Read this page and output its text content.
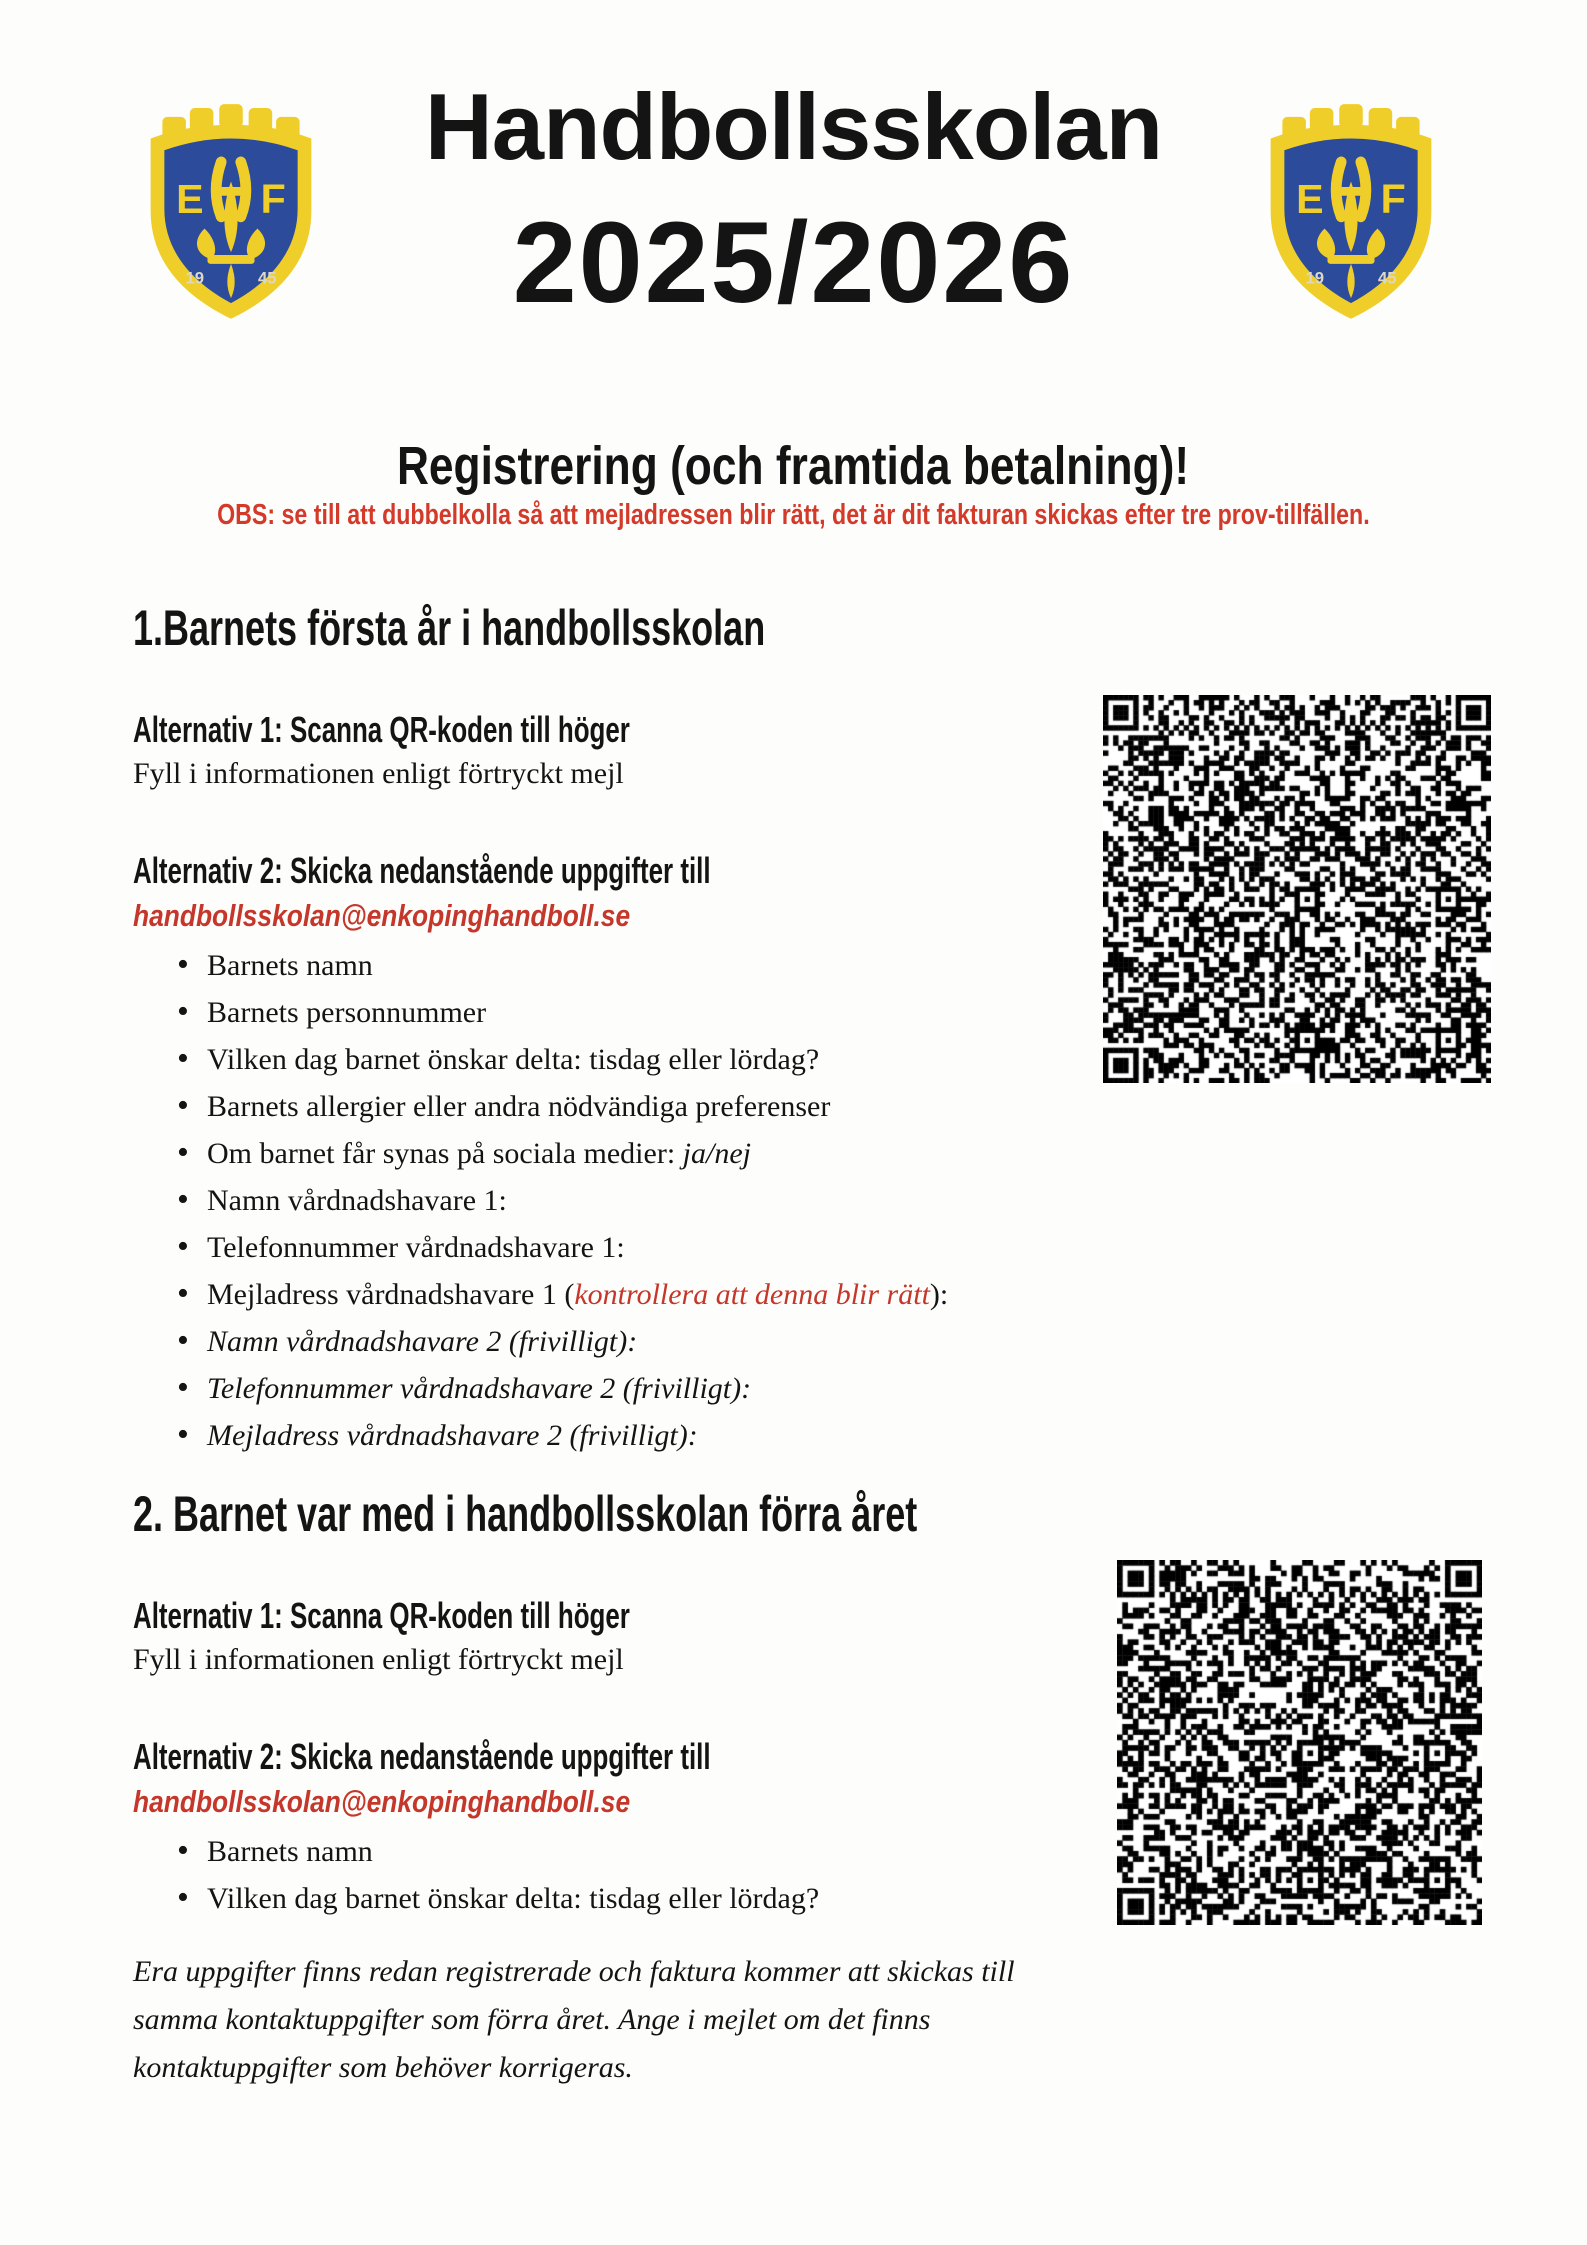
E F
19	45
E F
19	45
Handbollsskolan
2025/2026
Registrering (och framtida betalning)!
OBS: se till att dubbelkolla så att mejladressen blir rätt, det är dit fakturan skickas efter tre prov-tillfällen.
1.Barnets första år i handbollsskolan
Alternativ 1: Scanna QR-koden till höger

Fyll i informationen enligt förtryckt mejl

Alternativ 2: Skicka nedanstående uppgifter till
handbollsskolan@enkopinghandboll.se
• Barnets namn
• Barnets personnummer
• Vilken dag barnet önskar delta: tisdag eller lördag?
• Barnets allergier eller andra nödvändiga preferenser
• Om barnet får synas på sociala medier: ja/nej
• Namn vårdnadshavare 1:
• Telefonnummer vårdnadshavare 1:
• Mejladress vårdnadshavare 1 (kontrollera att denna blir rätt):
• Namn vårdnadshavare 2 (frivilligt):
• Telefonnummer vårdnadshavare 2 (frivilligt):
• Mejladress vårdnadshavare 2 (frivilligt):
2. Barnet var med i handbollsskolan förra året
Alternativ 1: Scanna QR-koden till höger

Fyll i informationen enligt förtryckt mejl

Alternativ 2: Skicka nedanstående uppgifter till
handbollsskolan@enkopinghandboll.se
• Barnets namn
• Vilken dag barnet önskar delta: tisdag eller lördag?

Era uppgifter finns redan registrerade och faktura kommer att skickas till samma kontaktuppgifter som förra året. Ange i mejlet om det finns kontaktuppgifter som behöver korrigeras.
